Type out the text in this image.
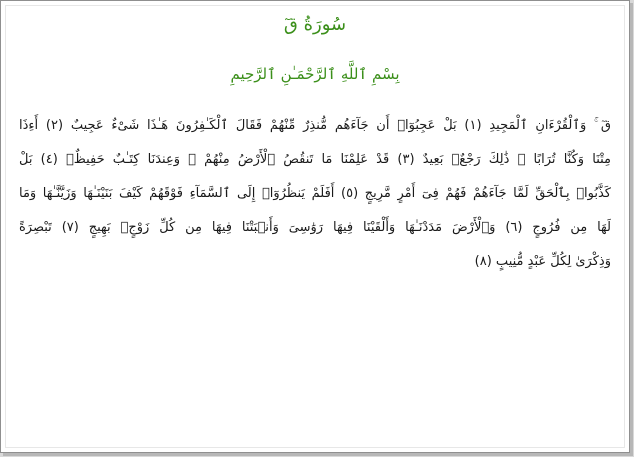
سُورَةُ قٓ
بِسْمِ ٱللَّهِ ٱلرَّحْمَـٰنِ ٱلرَّحِيمِ
قٓ ۚ وَٱلْقُرْءَانِ ٱلْمَجِيدِ (١) بَلْ عَجِبُوٓا۟ أَن جَآءَهُم مُّنذِرٌ مِّنْهُمْ فَقَالَ ٱلْكَـٰفِرُونَ هَـٰذَا شَىْءٌ عَجِيبٌ (٢) أَءِذَا
مِتْنَا وَكُنَّا تُرَابًا ۖ ذَٰلِكَ رَجْعٌۢ بَعِيدٌ (٣) قَدْ عَلِمْنَا مَا تَنقُصُ ٱلْأَرْضُ مِنْهُمْ ۖ وَعِندَنَا كِتَـٰبٌ حَفِيظٌۢ (٤) بَلْ
كَذَّبُوا۟ بِٱلْحَقِّ لَمَّا جَآءَهُمْ فَهُمْ فِىٓ أَمْرٍ مَّرِيجٍ (٥) أَفَلَمْ يَنظُرُوٓا۟ إِلَى ٱلسَّمَآءِ فَوْقَهُمْ كَيْفَ بَنَيْنَـٰهَا وَزَيَّنَّـٰهَا وَمَا
لَهَا مِن فُرُوجٍ (٦) وَٱلْأَرْضَ مَدَدْنَـٰهَا وَأَلْقَيْنَا فِيهَا رَوَٰسِىَ وَأَنۢبَتْنَا فِيهَا مِن كُلِّ زَوْجٍۭ بَهِيجٍ (٧) تَبْصِرَةً
وَذِكْرَىٰ لِكُلِّ عَبْدٍ مُّنِيبٍ (٨)
